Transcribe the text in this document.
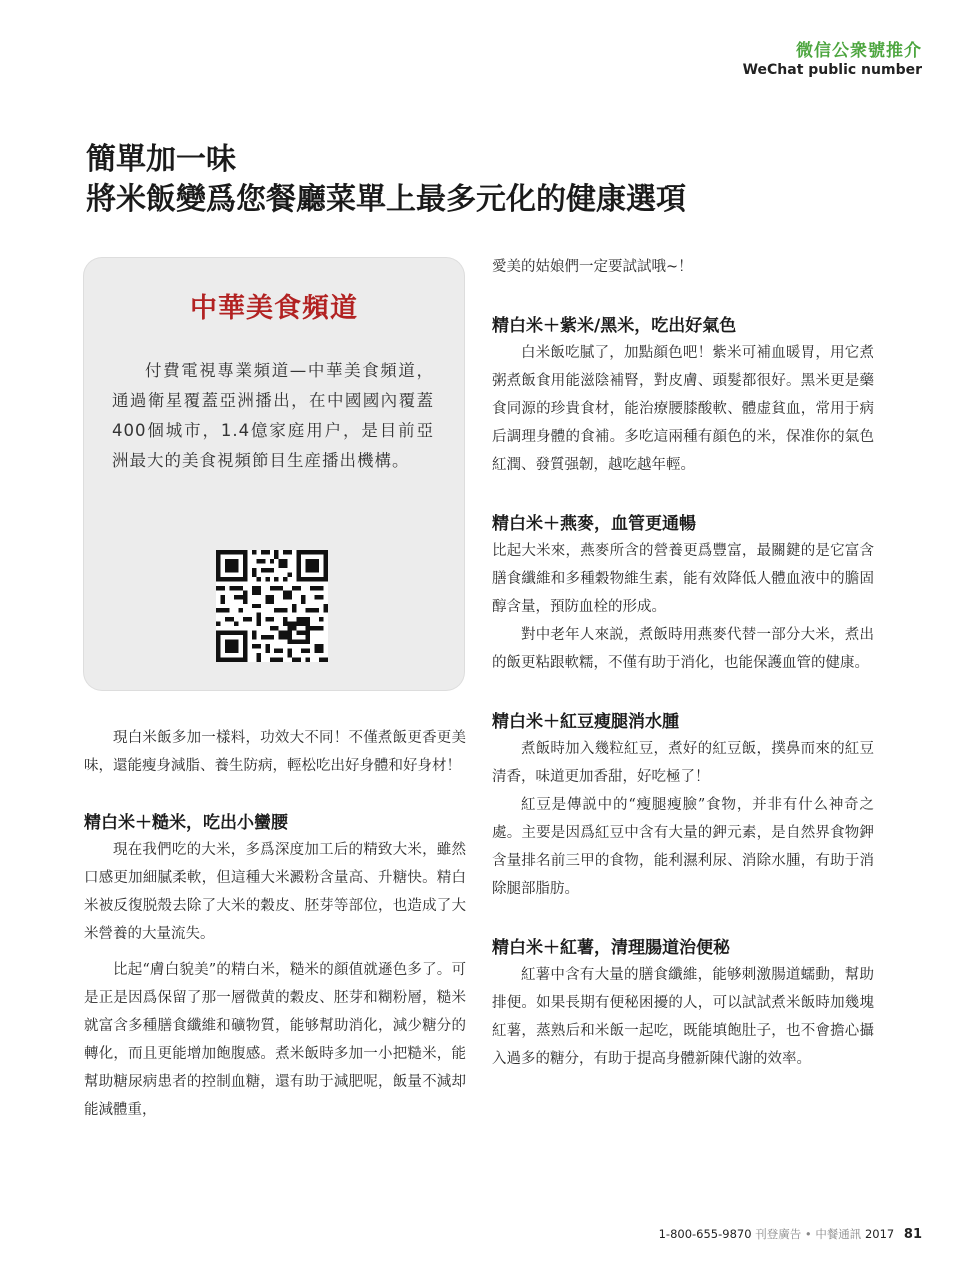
微信公衆號推介
WeChat public number
簡單加一味
將米飯變爲您餐廳菜單上最多元化的健康選項
中華美食頻道
付費電視專業頻道—中華美食頻道，通過衛星覆蓋亞洲播出，在中國國內覆蓋400個城市，1.4億家庭用户，是目前亞洲最大的美食視頻節目生産播出機構。

現白米飯多加一樣料，功效大不同！不僅煮飯更香更美味，還能瘦身減脂、養生防病，輕松吃出好身體和好身材！

精白米＋糙米，吃出小蠻腰

現在我們吃的大米，多爲深度加工后的精致大米，雖然口感更加細膩柔軟，但這種大米澱粉含量高、升糖快。精白米被反復脱殼去除了大米的穀皮、胚芽等部位，也造成了大米營養的大量流失。

比起“膚白貌美”的精白米，糙米的顔值就遜色多了。可是正是因爲保留了那一層微黄的穀皮、胚芽和糊粉層，糙米就富含多種膳食纖維和礦物質，能够幫助消化，減少糖分的轉化，而且更能增加飽腹感。煮米飯時多加一小把糙米，能幫助糖尿病患者的控制血糖，還有助于減肥呢，飯量不減却能減體重，

愛美的姑娘們一定要試試哦~！

精白米＋紫米/黑米，吃出好氣色

白米飯吃膩了，加點顔色吧！紫米可補血暖胃，用它煮粥煮飯食用能滋陰補腎，對皮膚、頭髮都很好。黑米更是藥食同源的珍貴食材，能治療腰膝酸軟、體虚貧血，常用于病后調理身體的食補。多吃這兩種有顔色的米，保准你的氣色紅潤、發質强韌，越吃越年輕。

精白米＋燕麥，血管更通暢

比起大米來，燕麥所含的營養更爲豐富，最關鍵的是它富含膳食纖維和多種穀物維生素，能有效降低人體血液中的膽固醇含量，預防血栓的形成。

對中老年人來説，煮飯時用燕麥代替一部分大米，煮出的飯更粘跟軟糯，不僅有助于消化，也能保護血管的健康。

精白米＋紅豆瘦腿消水腫

煮飯時加入幾粒紅豆，煮好的紅豆飯，撲鼻而來的紅豆清香，味道更加香甜，好吃極了！

紅豆是傳説中的“瘦腿瘦臉”食物，并非有什么神奇之處。主要是因爲紅豆中含有大量的鉀元素，是自然界食物鉀含量排名前三甲的食物，能利濕利尿、消除水腫，有助于消除腿部脂肪。

精白米＋紅薯，清理腸道治便秘

紅薯中含有大量的膳食纖維，能够刺激腸道蠕動，幫助排便。如果長期有便秘困擾的人，可以試試煮米飯時加幾塊紅薯，蒸熟后和米飯一起吃，既能填飽肚子，也不會擔心攝入過多的糖分，有助于提高身體新陳代謝的效率。

1-800-655-9870 刊登廣告 • 中餐通訊 2017 81
